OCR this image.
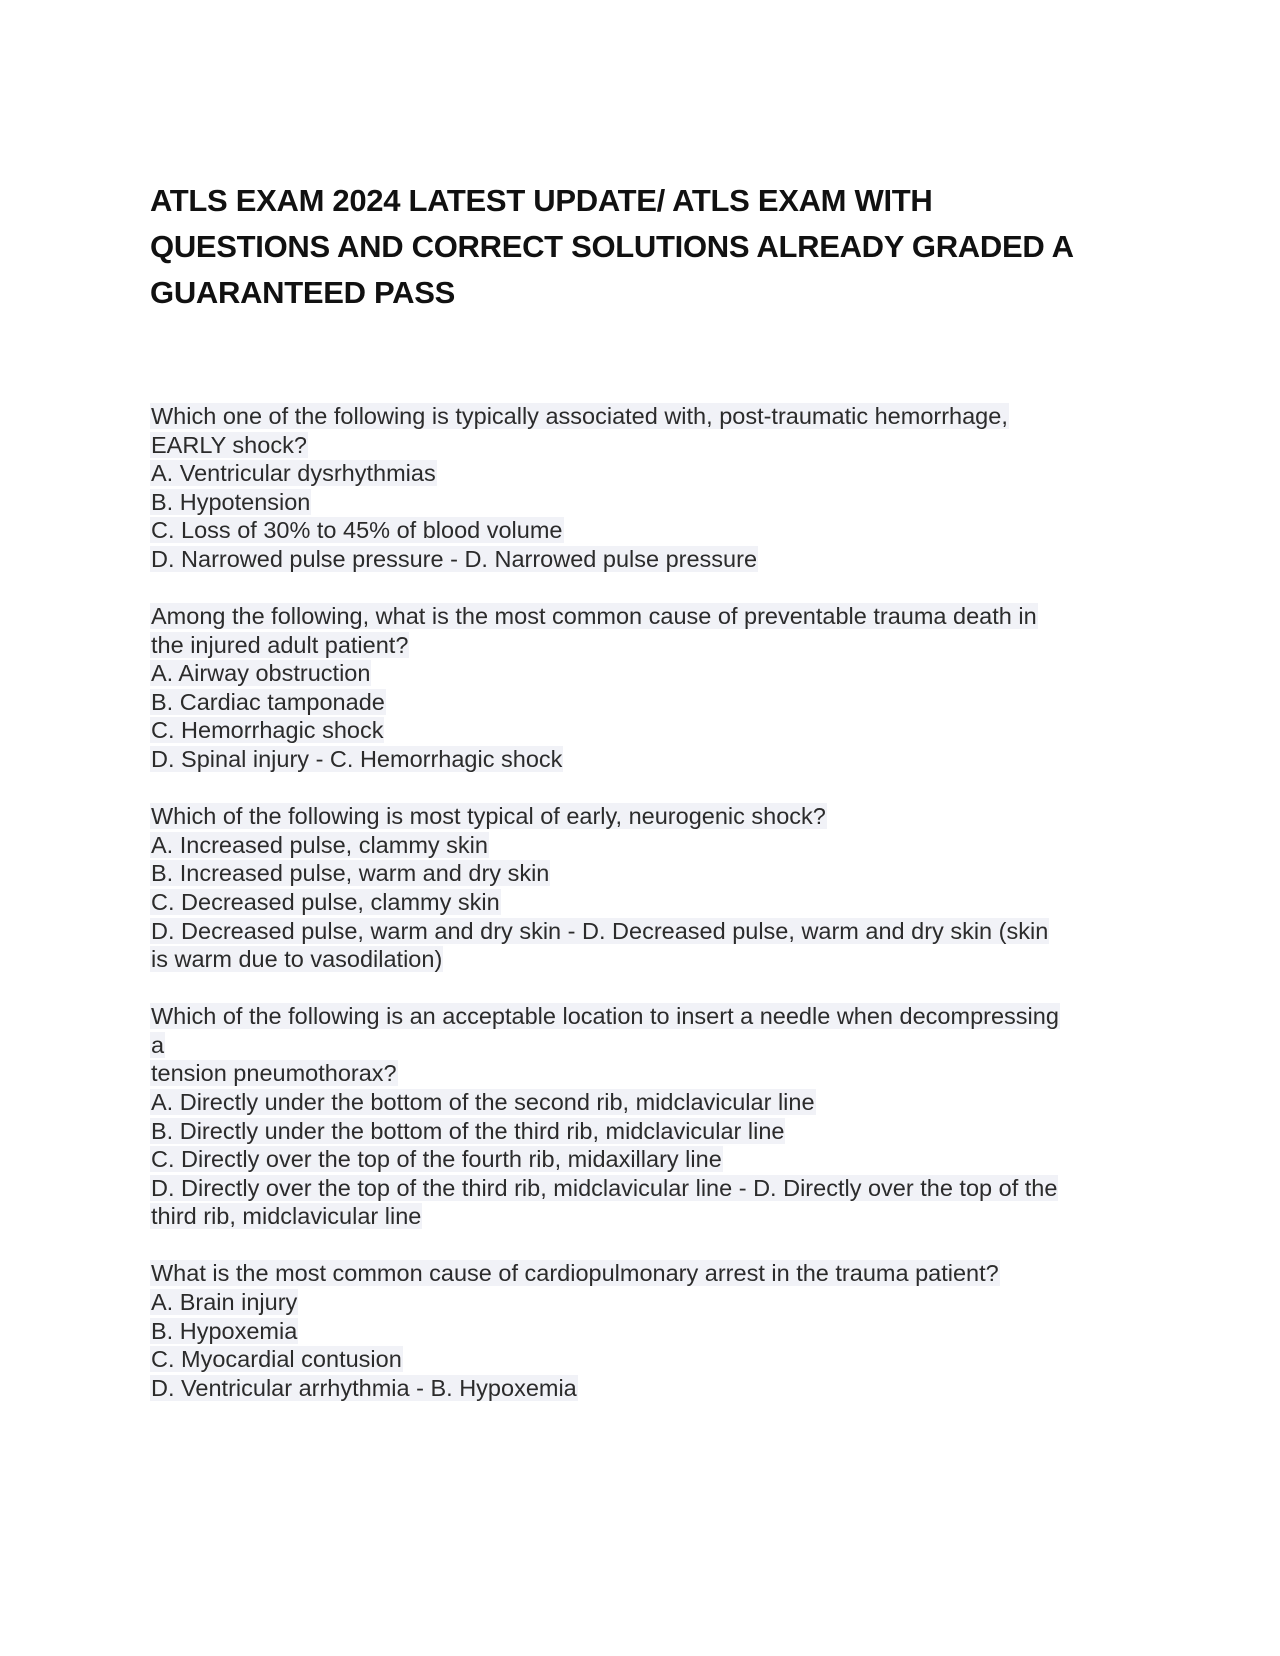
ATLS EXAM 2024 LATEST UPDATE/ ATLS EXAM WITH
QUESTIONS AND CORRECT SOLUTIONS ALREADY GRADED A
GUARANTEED PASS
Which one of the following is typically associated with, post-traumatic hemorrhage,
EARLY shock?
A. Ventricular dysrhythmias
B. Hypotension
C. Loss of 30% to 45% of blood volume
D. Narrowed pulse pressure - D. Narrowed pulse pressure
Among the following, what is the most common cause of preventable trauma death in
the injured adult patient?
A. Airway obstruction
B. Cardiac tamponade
C. Hemorrhagic shock
D. Spinal injury - C. Hemorrhagic shock
Which of the following is most typical of early, neurogenic shock?
A. Increased pulse, clammy skin
B. Increased pulse, warm and dry skin
C. Decreased pulse, clammy skin
D. Decreased pulse, warm and dry skin - D. Decreased pulse, warm and dry skin (skin
is warm due to vasodilation)
Which of the following is an acceptable location to insert a needle when decompressing
a
tension pneumothorax?
A. Directly under the bottom of the second rib, midclavicular line
B. Directly under the bottom of the third rib, midclavicular line
C. Directly over the top of the fourth rib, midaxillary line
D. Directly over the top of the third rib, midclavicular line - D. Directly over the top of the
third rib, midclavicular line
What is the most common cause of cardiopulmonary arrest in the trauma patient?
A. Brain injury
B. Hypoxemia
C. Myocardial contusion
D. Ventricular arrhythmia - B. Hypoxemia
